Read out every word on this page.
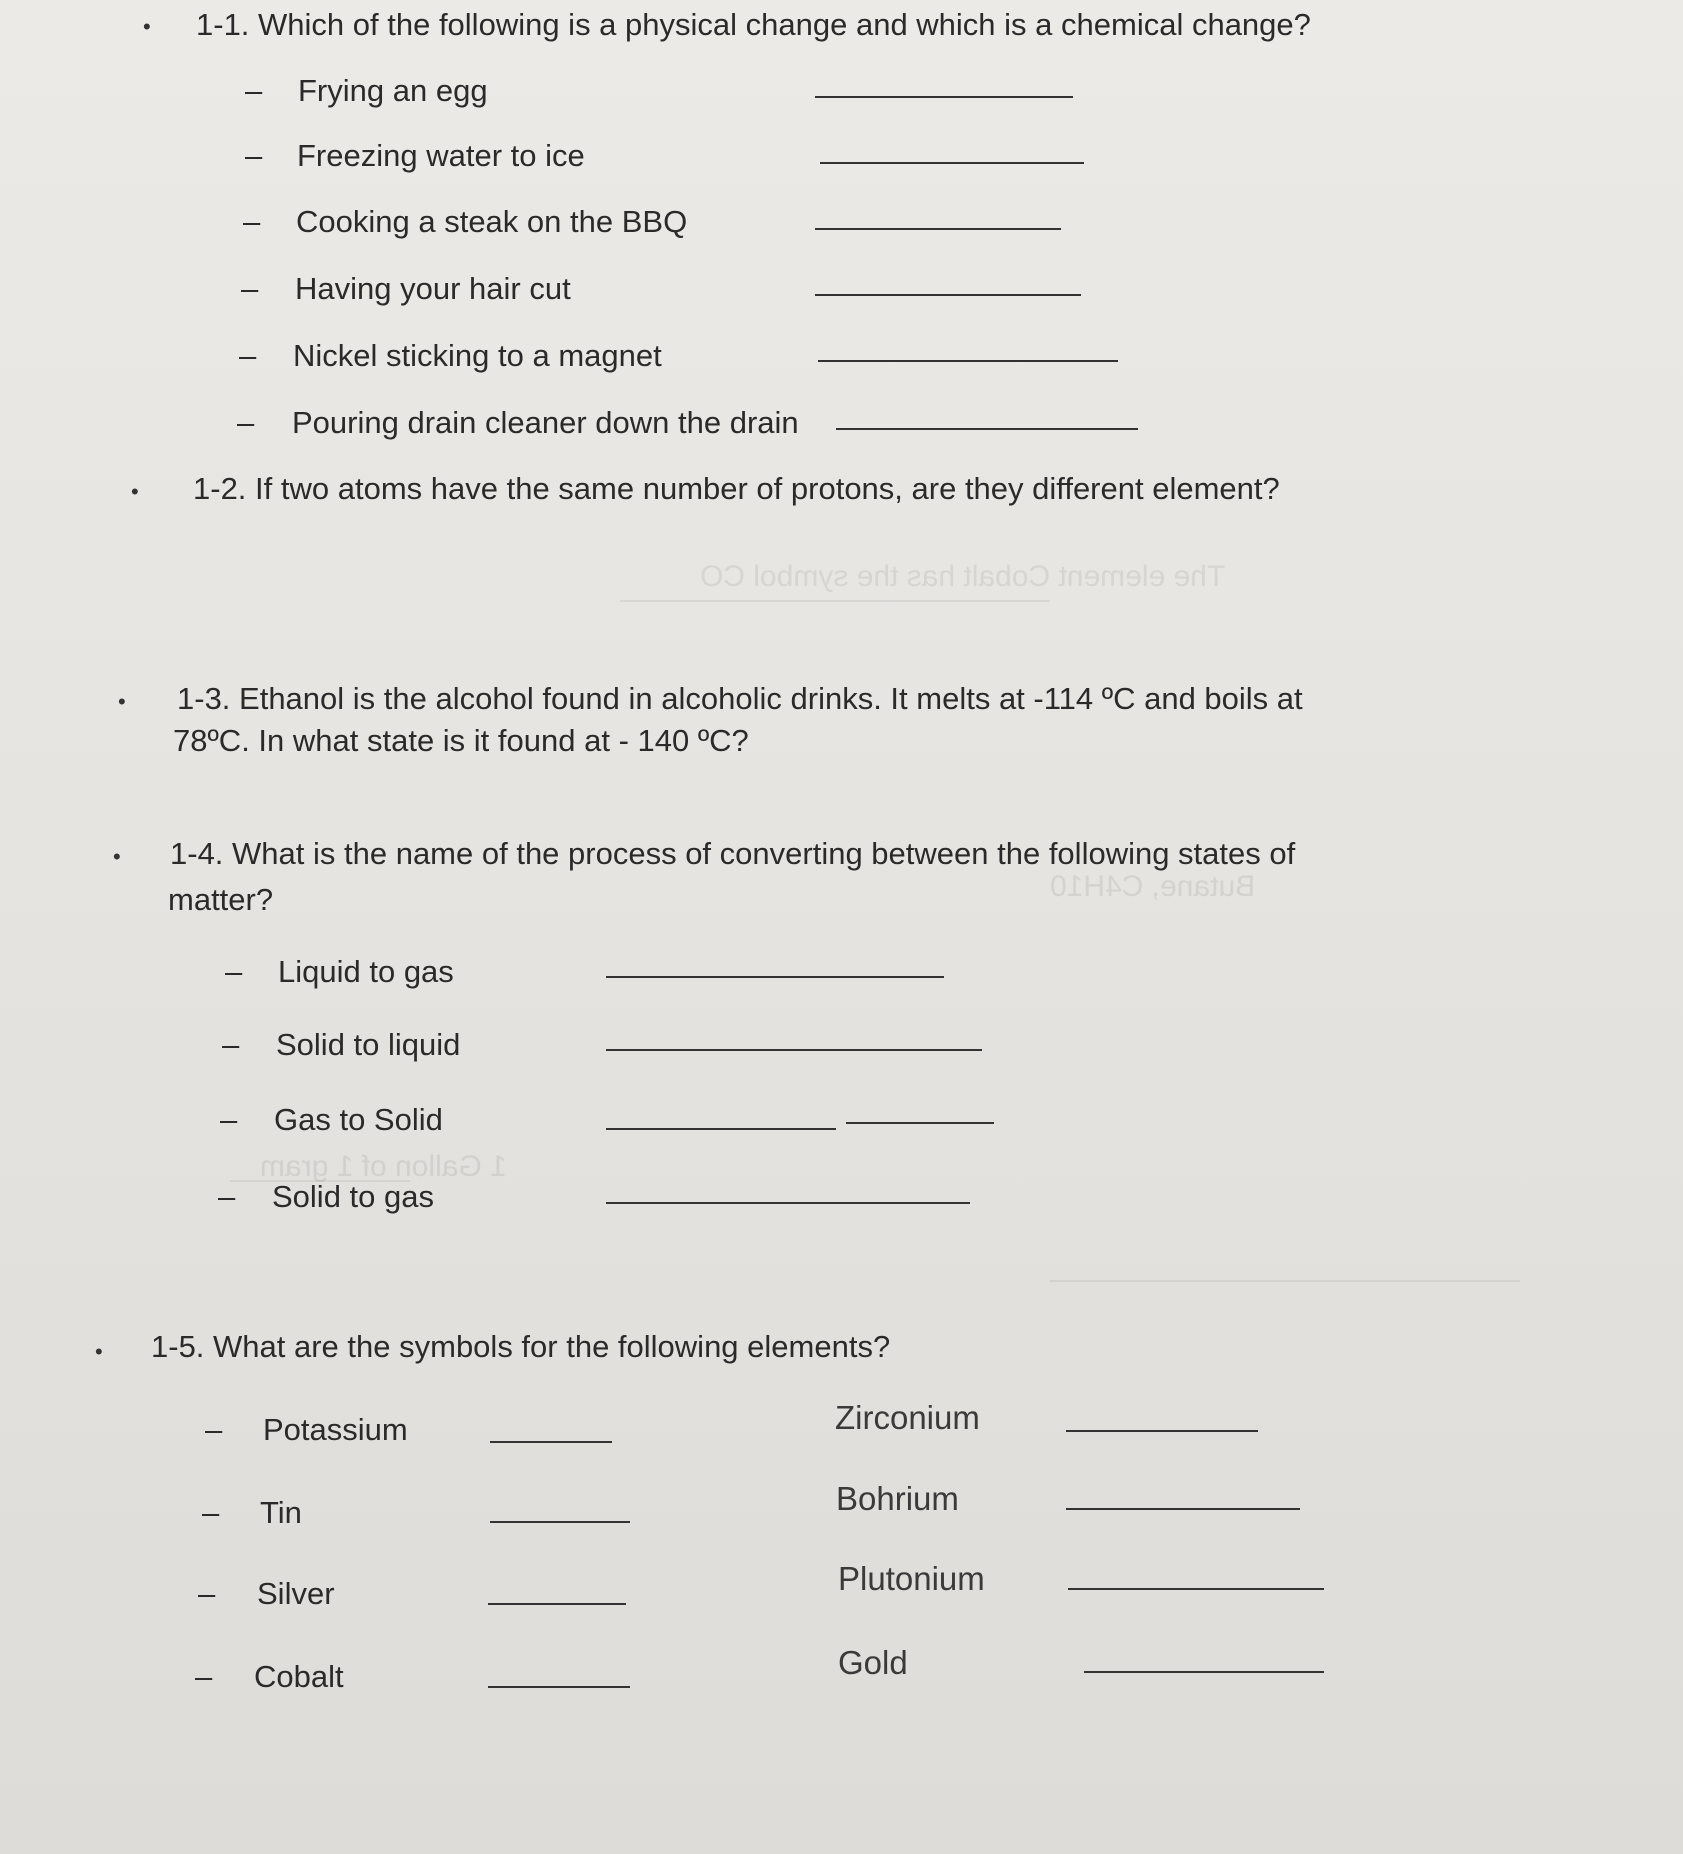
The element Cobalt has the symbol CO
Butane, C4H10
1 Gallon of 1 gram
• 1-1. Which of the following is a physical change and which is a chemical change?
– Frying an egg
– Freezing water to ice
– Cooking a steak on the BBQ
– Having your hair cut
– Nickel sticking to a magnet
– Pouring drain cleaner down the drain
• 1-2. If two atoms have the same number of protons, are they different element?
• 1-3. Ethanol is the alcohol found in alcoholic drinks. It melts at -114 ºC and boils at
78ºC. In what state is it found at - 140 ºC?
• 1-4. What is the name of the process of converting between the following states of
matter?
– Liquid to gas
– Solid to liquid
– Gas to Solid
– Solid to gas
• 1-5. What are the symbols for the following elements?
– Potassium	Zirconium
– Tin	Bohrium
– Silver	Plutonium
– Cobalt	Gold
